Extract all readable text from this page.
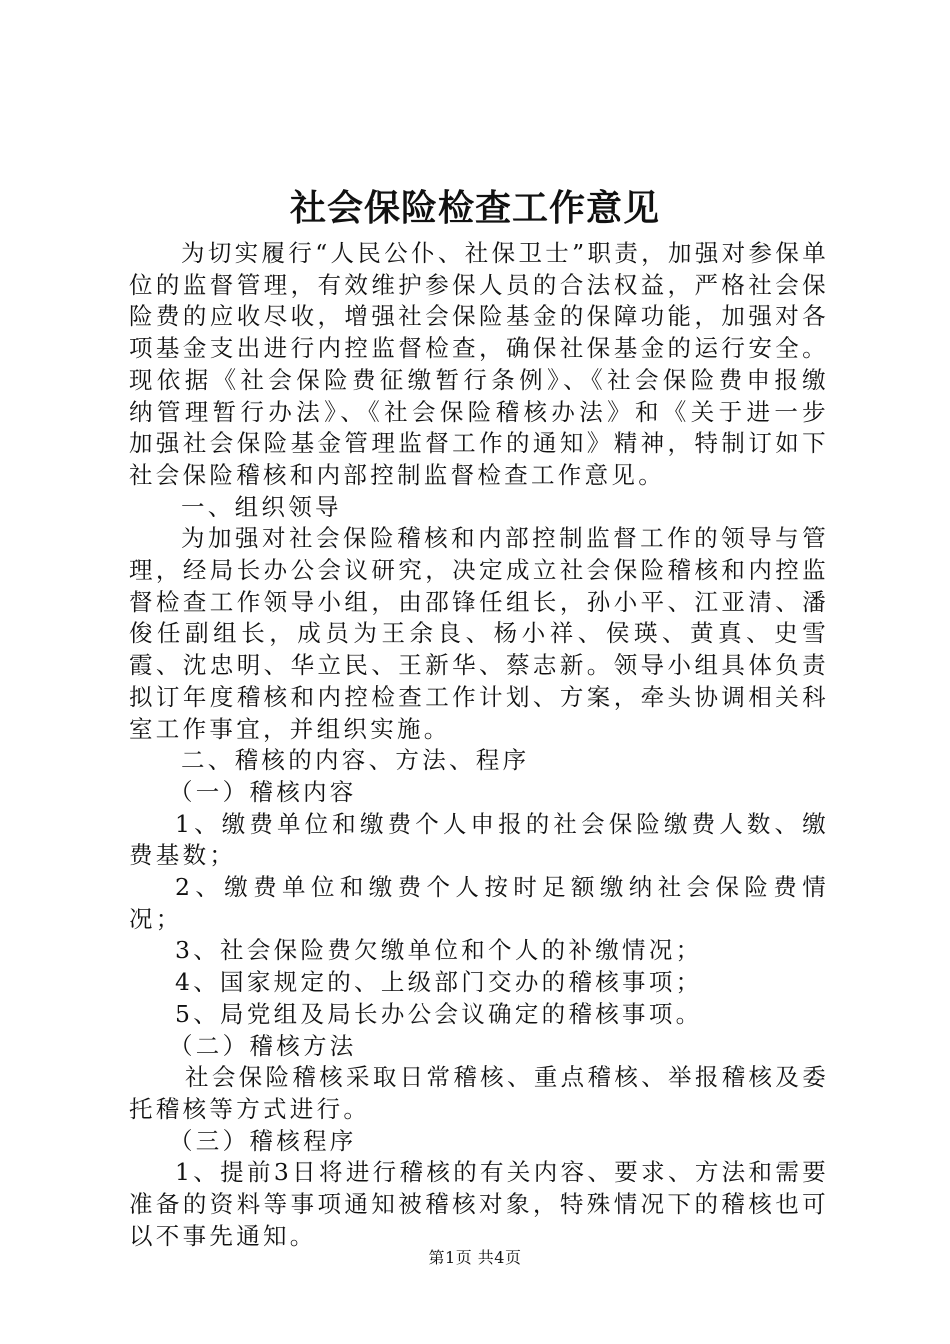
社会保险检查工作意见

为切实履行“人民公仆、社保卫士”职责，加强对参保单位的监督管理，有效维护参保人员的合法权益，严格社会保险费的应收尽收，增强社会保险基金的保障功能，加强对各项基金支出进行内控监督检查，确保社保基金的运行安全。现依据《社会保险费征缴暂行条例》、《社会保险费申报缴纳管理暂行办法》、《社会保险稽核办法》和《关于进一步加强社会保险基金管理监督工作的通知》精神，特制订如下社会保险稽核和内部控制监督检查工作意见。

一、组织领导

为加强对社会保险稽核和内部控制监督工作的领导与管理，经局长办公会议研究，决定成立社会保险稽核和内控监督检查工作领导小组，由邵锋任组长，孙小平、江亚清、潘俊任副组长，成员为王余良、杨小祥、侯瑛、黄真、史雪霞、沈忠明、华立民、王新华、蔡志新。领导小组具体负责拟订年度稽核和内控检查工作计划、方案，牵头协调相关科室工作事宜，并组织实施。

二、稽核的内容、方法、程序

（一）稽核内容

1、缴费单位和缴费个人申报的社会保险缴费人数、缴费基数；

2、缴费单位和缴费个人按时足额缴纳社会保险费情况；

3、社会保险费欠缴单位和个人的补缴情况；

4、国家规定的、上级部门交办的稽核事项；

5、局党组及局长办公会议确定的稽核事项。

（二）稽核方法

社会保险稽核采取日常稽核、重点稽核、举报稽核及委托稽核等方式进行。

（三）稽核程序

1、提前3日将进行稽核的有关内容、要求、方法和需要准备的资料等事项通知被稽核对象，特殊情况下的稽核也可以不事先通知。

第1页 共4页
